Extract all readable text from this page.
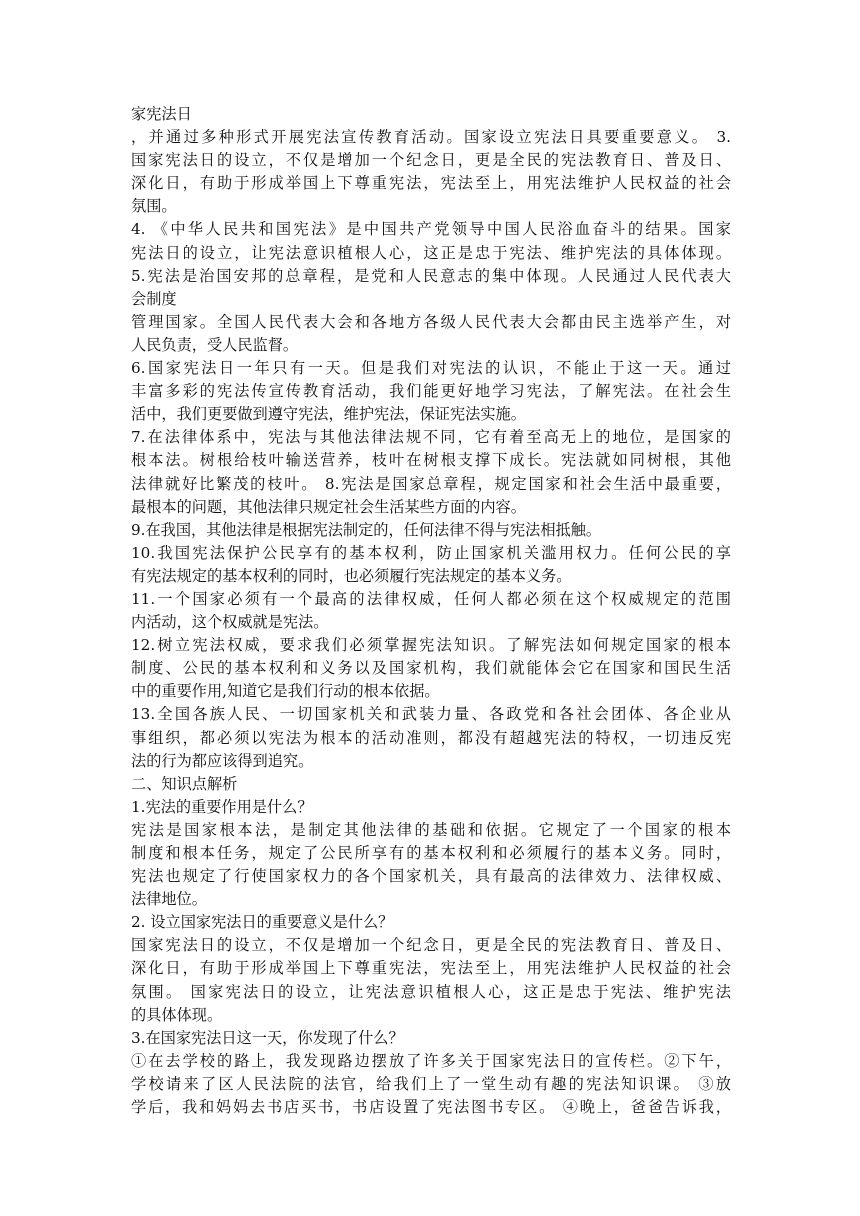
家宪法日
，并通过多种形式开展宪法宣传教育活动。国家设立宪法日具要重要意义。 3.
国家宪法日的设立，不仅是增加一个纪念日，更是全民的宪法教育日、普及日、
深化日，有助于形成举国上下尊重宪法，宪法至上，用宪法维护人民权益的社会
氛围。
4. 《中华人民共和国宪法》是中国共产党领导中国人民浴血奋斗的结果。国家
宪法日的设立，让宪法意识植根人心，这正是忠于宪法、维护宪法的具体体现。
5.宪法是治国安邦的总章程，是党和人民意志的集中体现。人民通过人民代表大
会制度
管理国家。全国人民代表大会和各地方各级人民代表大会都由民主选举产生，对
人民负责，受人民监督。
6.国家宪法日一年只有一天。但是我们对宪法的认识，不能止于这一天。通过
丰富多彩的宪法传宣传教育活动，我们能更好地学习宪法，了解宪法。在社会生
活中，我们更要做到遵守宪法，维护宪法，保证宪法实施。
7.在法律体系中，宪法与其他法律法规不同，它有着至高无上的地位，是国家的
根本法。树根给枝叶输送营养，枝叶在树根支撑下成长。宪法就如同树根，其他
法律就好比繁茂的枝叶。 8.宪法是国家总章程，规定国家和社会生活中最重要，
最根本的问题，其他法律只规定社会生活某些方面的内容。
9.在我国，其他法律是根据宪法制定的，任何法律不得与宪法相抵触。
10.我国宪法保护公民享有的基本权利，防止国家机关滥用权力。任何公民的享
有宪法规定的基本权利的同时，也必须履行宪法规定的基本义务。
11.一个国家必须有一个最高的法律权威，任何人都必须在这个权威规定的范围
内活动，这个权威就是宪法。
12.树立宪法权威，要求我们必须掌握宪法知识。了解宪法如何规定国家的根本
制度、公民的基本权利和义务以及国家机构，我们就能体会它在国家和国民生活
中的重要作用,知道它是我们行动的根本依据。
13.全国各族人民、一切国家机关和武装力量、各政党和各社会团体、各企业从
事组织，都必须以宪法为根本的活动准则，都没有超越宪法的特权，一切违反宪
法的行为都应该得到追究。
二、知识点解析
1.宪法的重要作用是什么？
宪法是国家根本法，是制定其他法律的基础和依据。它规定了一个国家的根本
制度和根本任务，规定了公民所享有的基本权利和必须履行的基本义务。同时，
宪法也规定了行使国家权力的各个国家机关，具有最高的法律效力、法律权威、
法律地位。
2. 设立国家宪法日的重要意义是什么？
国家宪法日的设立，不仅是增加一个纪念日，更是全民的宪法教育日、普及日、
深化日，有助于形成举国上下尊重宪法，宪法至上，用宪法维护人民权益的社会
氛围。 国家宪法日的设立，让宪法意识植根人心，这正是忠于宪法、维护宪法
的具体体现。
3.在国家宪法日这一天，你发现了什么？
①在去学校的路上，我发现路边摆放了许多关于国家宪法日的宣传栏。②下午，
学校请来了区人民法院的法官，给我们上了一堂生动有趣的宪法知识课。 ③放
学后，我和妈妈去书店买书，书店设置了宪法图书专区。 ④晚上，爸爸告诉我，
